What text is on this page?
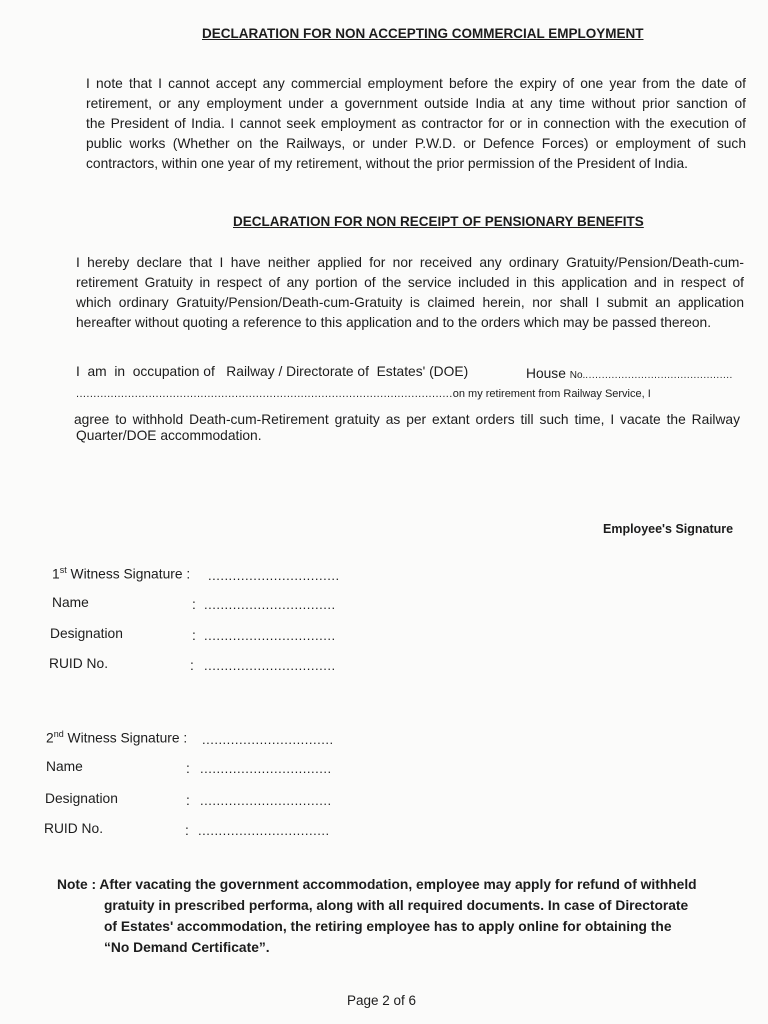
DECLARATION FOR NON ACCEPTING COMMERCIAL EMPLOYMENT
I note that I cannot accept any commercial employment before the expiry of one year from the date of
retirement, or any employment under a government outside India at any time without prior sanction of
the President of India. I cannot seek employment as contractor for or in connection with the execution of
public works (Whether on the Railways, or under P.W.D. or Defence Forces) or employment of such
contractors, within one year of my retirement, without the prior permission of the President of India.
DECLARATION FOR NON RECEIPT OF PENSIONARY BENEFITS
I hereby declare that I have neither applied for nor received any ordinary Gratuity/Pension/Death-cum-
retirement Gratuity in respect of any portion of the service included in this application and in respect of
which ordinary Gratuity/Pension/Death-cum-Gratuity is claimed herein, nor shall I submit an application
hereafter without quoting a reference to this application and to the orders which may be passed thereon.
I  am  in  occupation of   Railway / Directorate of  Estates' (DOE)	House No..............................................
.............................................................................................................on my retirement from Railway Service, I
agree to withhold Death-cum-Retirement gratuity as per extant orders till such time, I vacate the Railway
Quarter/DOE accommodation.
Employee's Signature
1st Witness Signature : ................................
Name	: ................................
Designation	: ................................
RUID No.	: ................................
2nd Witness Signature : ................................
Name	: ................................
Designation	: ................................
RUID No.	: ................................
Note : After vacating the government accommodation, employee may apply for refund of withheld
gratuity in prescribed performa, along with all required documents. In case of Directorate
of Estates' accommodation, the retiring employee has to apply online for obtaining the
“No Demand Certificate”.
Page 2 of 6
